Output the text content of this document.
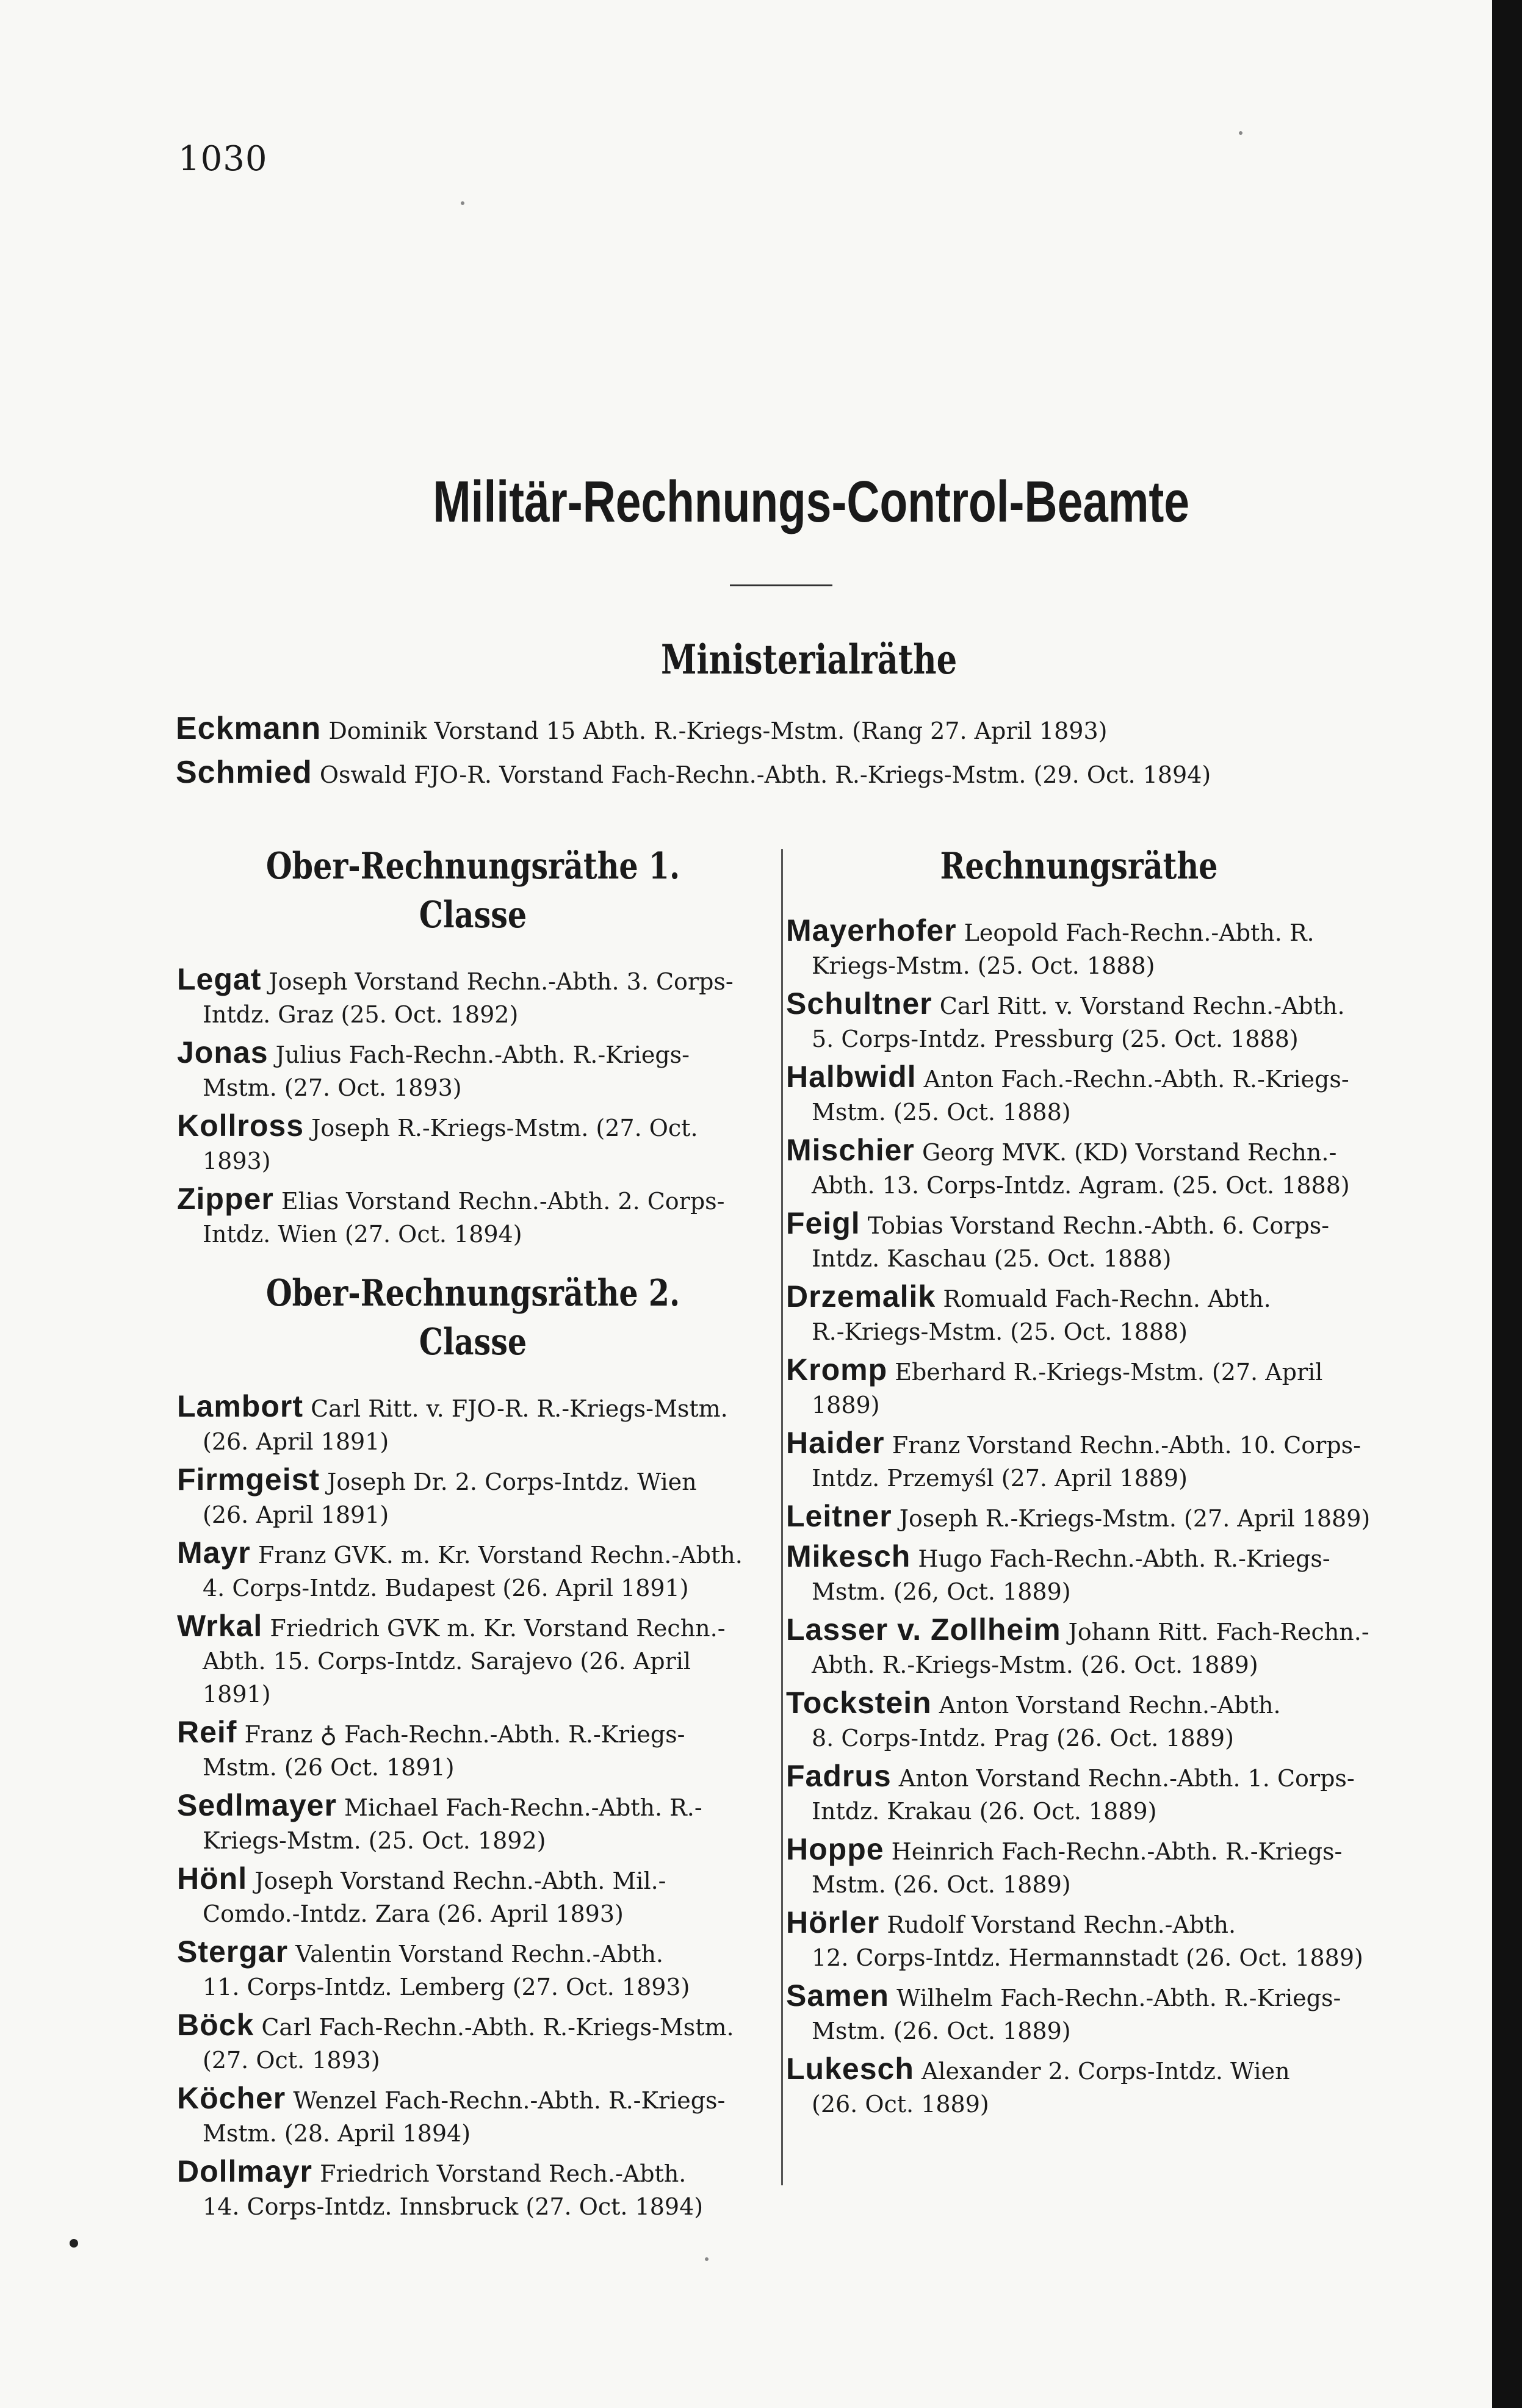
1030
Militär-Rechnungs-Control-Beamte
Ministerialräthe
Eckmann Dominik Vorstand 15 Abth. R.-Kriegs-Mstm. (Rang 27. April 1893)
Schmied Oswald FJO-R. Vorstand Fach-Rechn.-Abth. R.-Kriegs-Mstm. (29. Oct. 1894)
Ober-Rechnungsräthe 1. Classe
Legat Joseph Vorstand Rechn.-Abth. 3. Corps-
Intdz. Graz (25. Oct. 1892)
Jonas Julius Fach-Rechn.-Abth. R.-Kriegs-
Mstm. (27. Oct. 1893)
Kollross Joseph R.-Kriegs-Mstm. (27. Oct.
1893)
Zipper Elias Vorstand Rechn.-Abth. 2. Corps-
Intdz. Wien (27. Oct. 1894)
Ober-Rechnungsräthe 2. Classe
Lambort Carl Ritt. v. FJO-R. R.-Kriegs-Mstm.
(26. April 1891)
Firmgeist Joseph Dr. 2. Corps-Intdz. Wien
(26. April 1891)
Mayr Franz GVK. m. Kr. Vorstand Rechn.-Abth.
4. Corps-Intdz. Budapest (26. April 1891)
Wrkal Friedrich GVK m. Kr. Vorstand Rechn.-
Abth. 15. Corps-Intdz. Sarajevo (26. April
1891)
Reif Franz ♁ Fach-Rechn.-Abth. R.-Kriegs-
Mstm. (26 Oct. 1891)
Sedlmayer Michael Fach-Rechn.-Abth. R.-
Kriegs-Mstm. (25. Oct. 1892)
Hönl Joseph Vorstand Rechn.-Abth. Mil.-
Comdo.-Intdz. Zara (26. April 1893)
Stergar Valentin Vorstand Rechn.-Abth.
11. Corps-Intdz. Lemberg (27. Oct. 1893)
Böck Carl Fach-Rechn.-Abth. R.-Kriegs-Mstm.
(27. Oct. 1893)
Köcher Wenzel Fach-Rechn.-Abth. R.-Kriegs-
Mstm. (28. April 1894)
Dollmayr Friedrich Vorstand Rech.-Abth.
14. Corps-Intdz. Innsbruck (27. Oct. 1894)
Rechnungsräthe
Mayerhofer Leopold Fach-Rechn.-Abth. R.
Kriegs-Mstm. (25. Oct. 1888)
Schultner Carl Ritt. v. Vorstand Rechn.-Abth.
5. Corps-Intdz. Pressburg (25. Oct. 1888)
Halbwidl Anton Fach.-Rechn.-Abth. R.-Kriegs-
Mstm. (25. Oct. 1888)
Mischier Georg MVK. (KD) Vorstand Rechn.-
Abth. 13. Corps-Intdz. Agram. (25. Oct. 1888)
Feigl Tobias Vorstand Rechn.-Abth. 6. Corps-
Intdz. Kaschau (25. Oct. 1888)
Drzemalik Romuald Fach-Rechn. Abth.
R.-Kriegs-Mstm. (25. Oct. 1888)
Kromp Eberhard R.-Kriegs-Mstm. (27. April
1889)
Haider Franz Vorstand Rechn.-Abth. 10. Corps-
Intdz. Przemyśl (27. April 1889)
Leitner Joseph R.-Kriegs-Mstm. (27. April 1889)
Mikesch Hugo Fach-Rechn.-Abth. R.-Kriegs-
Mstm. (26, Oct. 1889)
Lasser v. Zollheim Johann Ritt. Fach-Rechn.-
Abth. R.-Kriegs-Mstm. (26. Oct. 1889)
Tockstein Anton Vorstand Rechn.-Abth.
8. Corps-Intdz. Prag (26. Oct. 1889)
Fadrus Anton Vorstand Rechn.-Abth. 1. Corps-
Intdz. Krakau (26. Oct. 1889)
Hoppe Heinrich Fach-Rechn.-Abth. R.-Kriegs-
Mstm. (26. Oct. 1889)
Hörler Rudolf Vorstand Rechn.-Abth.
12. Corps-Intdz. Hermannstadt (26. Oct. 1889)
Samen Wilhelm Fach-Rechn.-Abth. R.-Kriegs-
Mstm. (26. Oct. 1889)
Lukesch Alexander 2. Corps-Intdz. Wien
(26. Oct. 1889)
